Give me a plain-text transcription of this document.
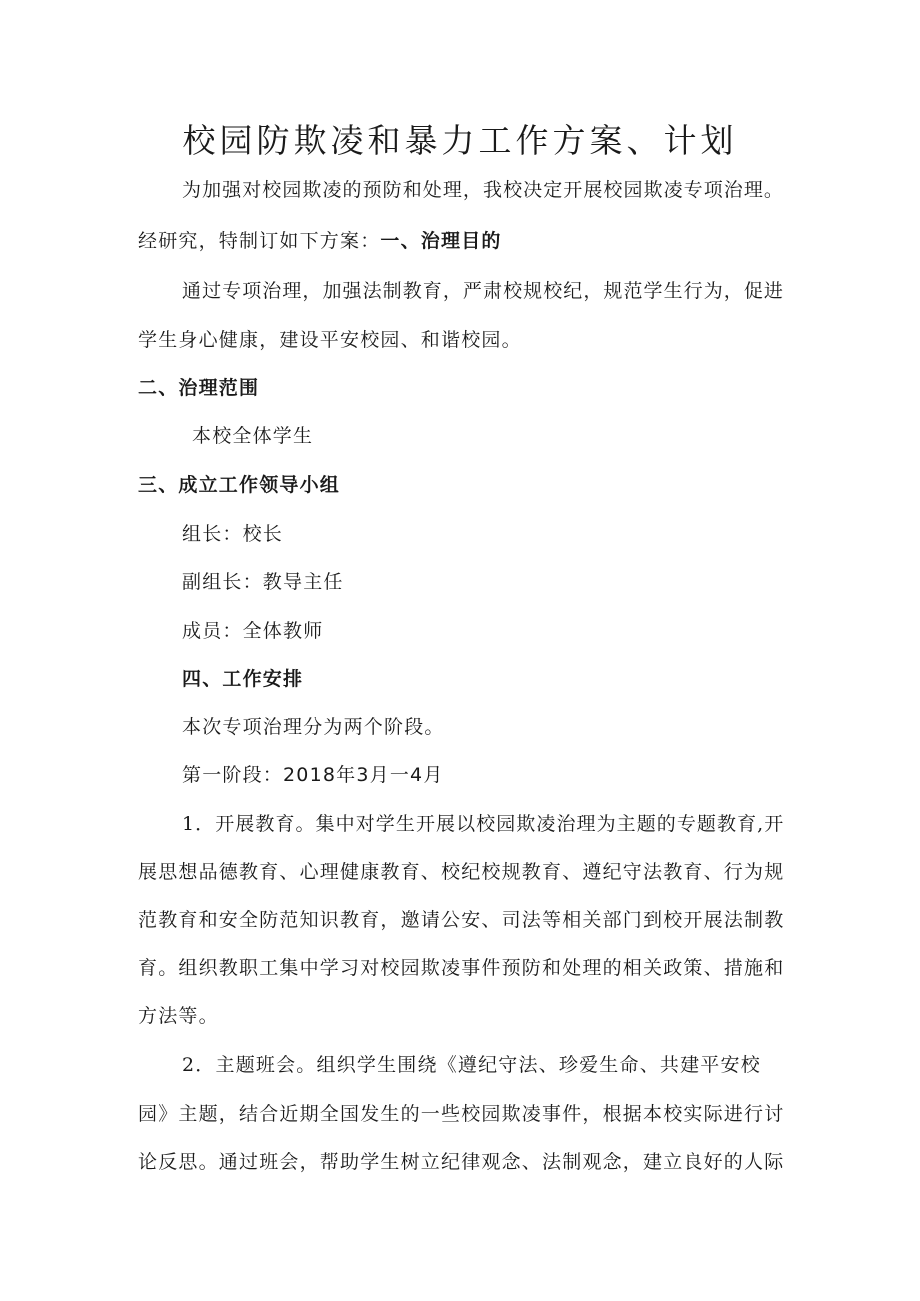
校园防欺凌和暴力工作方案、计划
为加强对校园欺凌的预防和处理，我校决定开展校园欺凌专项治理。
经研究，特制订如下方案：一、治理目的
通过专项治理，加强法制教育，严肃校规校纪，规范学生行为，促进
学生身心健康，建设平安校园、和谐校园。
二、治理范围
本校全体学生
三、成立工作领导小组
组长：校长
副组长：教导主任
成员：全体教师
四、工作安排
本次专项治理分为两个阶段。
第一阶段：2018年3月一4月
1．开展教育。集中对学生开展以校园欺凌治理为主题的专题教育,开
展思想品德教育、心理健康教育、校纪校规教育、遵纪守法教育、行为规
范教育和安全防范知识教育，邀请公安、司法等相关部门到校开展法制教
育。组织教职工集中学习对校园欺凌事件预防和处理的相关政策、措施和
方法等。
2．主题班会。组织学生围绕《遵纪守法、珍爱生命、共建平安校
园》主题，结合近期全国发生的一些校园欺凌事件，根据本校实际进行讨
论反思。通过班会，帮助学生树立纪律观念、法制观念，建立良好的人际
